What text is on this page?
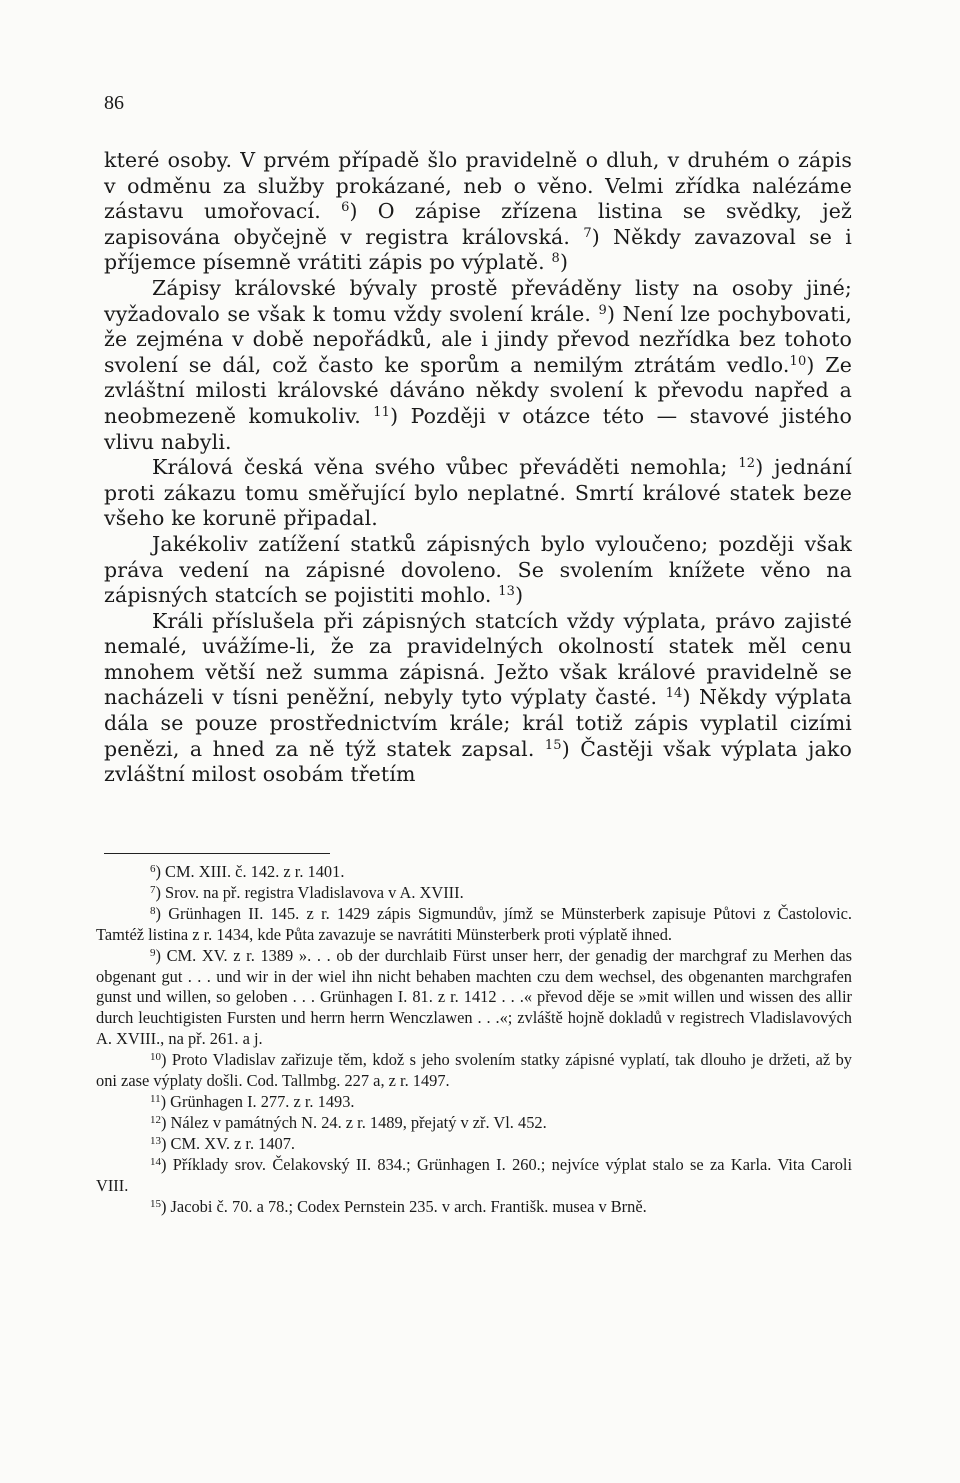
86

které osoby. V prvém případě šlo pravidelně o dluh, v druhém o zápis v odměnu za služby prokázané, neb o věno. Velmi zřídka nalézáme zástavu umořovací. $^6$) O zápise zřízena listina se svědky, jež zapisována obyčejně v registra královská. $^7$) Někdy zavazoval se i příjemce písemně vrátiti zápis po výplatě. $^8$)

Zápisy královské bývaly prostě převáděny listy na osoby jiné; vyžadovalo se však k tomu vždy svolení krále. $^9$) Není lze pochybovati, že zejména v době nepořádků, ale i jindy převod nezřídka bez tohoto svolení se dál, což často ke sporům a nemilým ztrátám vedlo.$^{10}$) Ze zvláštní milosti královské dáváno někdy svolení k převodu napřed a neobmezeně komukoliv. $^{11}$) Později v otázce této — stavové jistého vlivu nabyli.

Králová česká věna svého vůbec převáděti nemohla; $^{12}$) jednání proti zákazu tomu směřující bylo neplatné. Smrtí králové statek beze všeho ke korunë připadal.

Jakékoliv zatížení statků zápisných bylo vyloučeno; později však práva vedení na zápisné dovoleno. Se svolením knížete věno na zápisných statcích se pojistiti mohlo. $^{13}$)

Králi příslušela při zápisných statcích vždy výplata, právo zajisté nemalé, uvážíme-li, že za pravidelných okolností statek měl cenu mnohem větší než summa zápisná. Ježto však králové pravidelně se nacházeli v tísni peněžní, nebyly tyto výplaty časté. $^{14}$) Někdy výplata dála se pouze prostřednictvím krále; král totiž zápis vyplatil cizími penězi, a hned za ně týž statek zapsal. $^{15}$) Častěji však výplata jako zvláštní milost osobám třetím

$^6$) CM. XIII. č. 142. z r. 1401.

$^7$) Srov. na př. registra Vladislavova v A. XVIII.

$^8$) Grünhagen II. 145. z r. 1429 zápis Sigmundův, jímž se Münsterberk zapisuje Půtovi z Častolovic. Tamtéž listina z r. 1434, kde Půta zavazuje se navrátiti Münsterberk proti výplatě ihned.

$^9$) CM. XV. z r. 1389 ». . . ob der durchlaib Fürst unser herr, der genadig der marchgraf zu Merhen das obgenant gut . . . und wir in der wiel ihn nicht behaben machten czu dem wechsel, des obgenanten marchgrafen gunst und willen, so geloben . . . Grünhagen I. 81. z r. 1412 . . .« převod děje se »mit willen und wissen des allir durch leuchtigisten Fursten und herrn herrn Wenczlawen . . .«; zvláště hojně dokladů v registrech Vladislavových A. XVIII., na př. 261. a j.

$^{10}$) Proto Vladislav zařizuje těm, kdož s jeho svolením statky zápisné vyplatí, tak dlouho je držeti, až by oni zase výplaty došli. Cod. Tallmbg. 227 a, z r. 1497.

$^{11}$) Grünhagen I. 277. z r. 1493.

$^{12}$) Nález v památných N. 24. z r. 1489, přejatý v zř. Vl. 452.

$^{13}$) CM. XV. z r. 1407.

$^{14}$) Příklady srov. Čelakovský II. 834.; Grünhagen I. 260.; nejvíce výplat stalo se za Karla. Vita Caroli VIII.

$^{15}$) Jacobi č. 70. a 78.; Codex Pernstein 235. v arch. Františk. musea v Brně.
